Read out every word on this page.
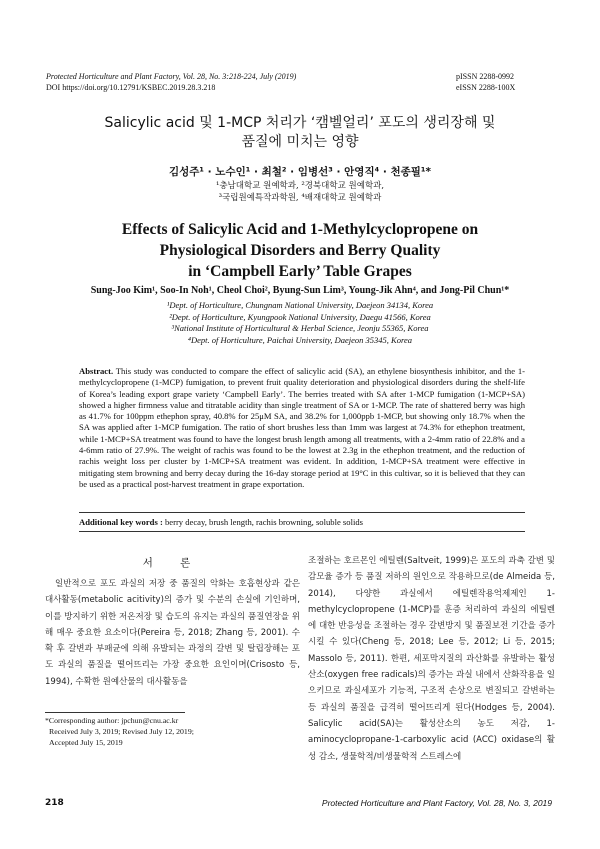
Protected Horticulture and Plant Factory, Vol. 28, No. 3:218-224, July (2019)
DOI https://doi.org/10.12791/KSBEC.2019.28.3.218
pISSN 2288-0992
eISSN 2288-100X
Salicylic acid 및 1-MCP 처리가 ‘캠벨얼리’ 포도의 생리장해 및
품질에 미치는 영향
김성주¹ · 노수인¹ · 최철² · 임병선³ · 안영직⁴ · 천종필¹*
¹충남대학교 원예학과, ²경북대학교 원예학과,
³국립원예특작과학원, ⁴배재대학교 원예학과
Effects of Salicylic Acid and 1-Methylcyclopropene on
Physiological Disorders and Berry Quality
in ‘Campbell Early’ Table Grapes
Sung-Joo Kim¹, Soo-In Noh¹, Cheol Choi², Byung-Sun Lim³, Young-Jik Ahn⁴, and Jong-Pil Chun¹*
¹Dept. of Horticulture, Chungnam National University, Daejeon 34134, Korea
²Dept. of Horticulture, Kyungpook National University, Daegu 41566, Korea
³National Institute of Horticultural & Herbal Science, Jeonju 55365, Korea
⁴Dept. of Horticulture, Paichai University, Daejeon 35345, Korea
Abstract. This study was conducted to compare the effect of salicylic acid (SA), an ethylene biosynthesis inhibitor, and the 1-methylcyclopropene (1-MCP) fumigation, to prevent fruit quality deterioration and physiological disorders during the shelf-life of Korea’s leading export grape variety ‘Campbell Early’. The berries treated with SA after 1-MCP fumigation (1-MCP+SA) showed a higher firmness value and titratable acidity than single treatment of SA or 1-MCP. The rate of shattered berry was high as 41.7% for 100ppm ethephon spray, 40.8% for 25μM SA, and 38.2% for 1,000ppb 1-MCP, but showing only 18.7% when the SA was applied after 1-MCP fumigation. The ratio of short brushes less than 1mm was largest at 74.3% for ethephon treatment, while 1-MCP+SA treatment was found to have the longest brush length among all treatments, with a 2-4mm ratio of 22.8% and a 4-6mm ratio of 27.9%. The weight of rachis was found to be the lowest at 2.3g in the ethephon treatment, and the reduction of rachis weight loss per cluster by 1-MCP+SA treatment was evident. In addition, 1-MCP+SA treatment were effective in mitigating stem browning and berry decay during the 16-day storage period at 19°C in this cultivar, so it is believed that they can be used as a practical post-harvest treatment in grape exportation.
Additional key words : berry decay, brush length, rachis browning, soluble solids
서 론

일반적으로 포도 과실의 저장 중 품질의 악화는 호흡현상과 같은 대사활동(metabolic acitivity)의 증가 및 수분의 손실에 기인하며, 이를 방지하기 위한 저온저장 및 습도의 유지는 과실의 품질연장을 위해 매우 중요한 요소이다(Pereira 등, 2018; Zhang 등, 2001). 수확 후 갈변과 부패균에 의해 유발되는 과정의 갈변 및 탈립장해는 포도 과실의 품질을 떨어뜨리는 가장 중요한 요인이며(Crisosto 등, 1994), 수확한 원예산물의 대사활동을

조절하는 호르몬인 에틸렌(Saltveit, 1999)은 포도의 과축 갈변 및 감모율 증가 등 품질 저하의 원인으로 작용하므로(de Almeida 등, 2014), 다양한 과실에서 에틸렌작용억제제인 1-methylcyclopropene (1-MCP)를 훈증 처리하여 과실의 에틸렌에 대한 반응성을 조절하는 경우 갈변방지 및 품질보전 기간을 증가시킬 수 있다(Cheng 등, 2018; Lee 등, 2012; Li 등, 2015; Massolo 등, 2011). 한편, 세포막지질의 과산화를 유발하는 활성산소(oxygen free radicals)의 증가는 과실 내에서 산화작용을 일으키므로 과실세포가 기능적, 구조적 손상으로 변질되고 갈변하는 등 과실의 품질을 급격히 떨어뜨리게 된다(Hodges 등, 2004). Salicylic acid(SA)는 활성산소의 농도 저감, 1-aminocyclopropane-1-carboxylic acid (ACC) oxidase의 활성 감소, 생물학적/비생물학적 스트레스에

*Corresponding author: jpchun@cnu.ac.kr
Received July 3, 2019; Revised July 12, 2019;
Accepted July 15, 2019
218	Protected Horticulture and Plant Factory, Vol. 28, No. 3, 2019
